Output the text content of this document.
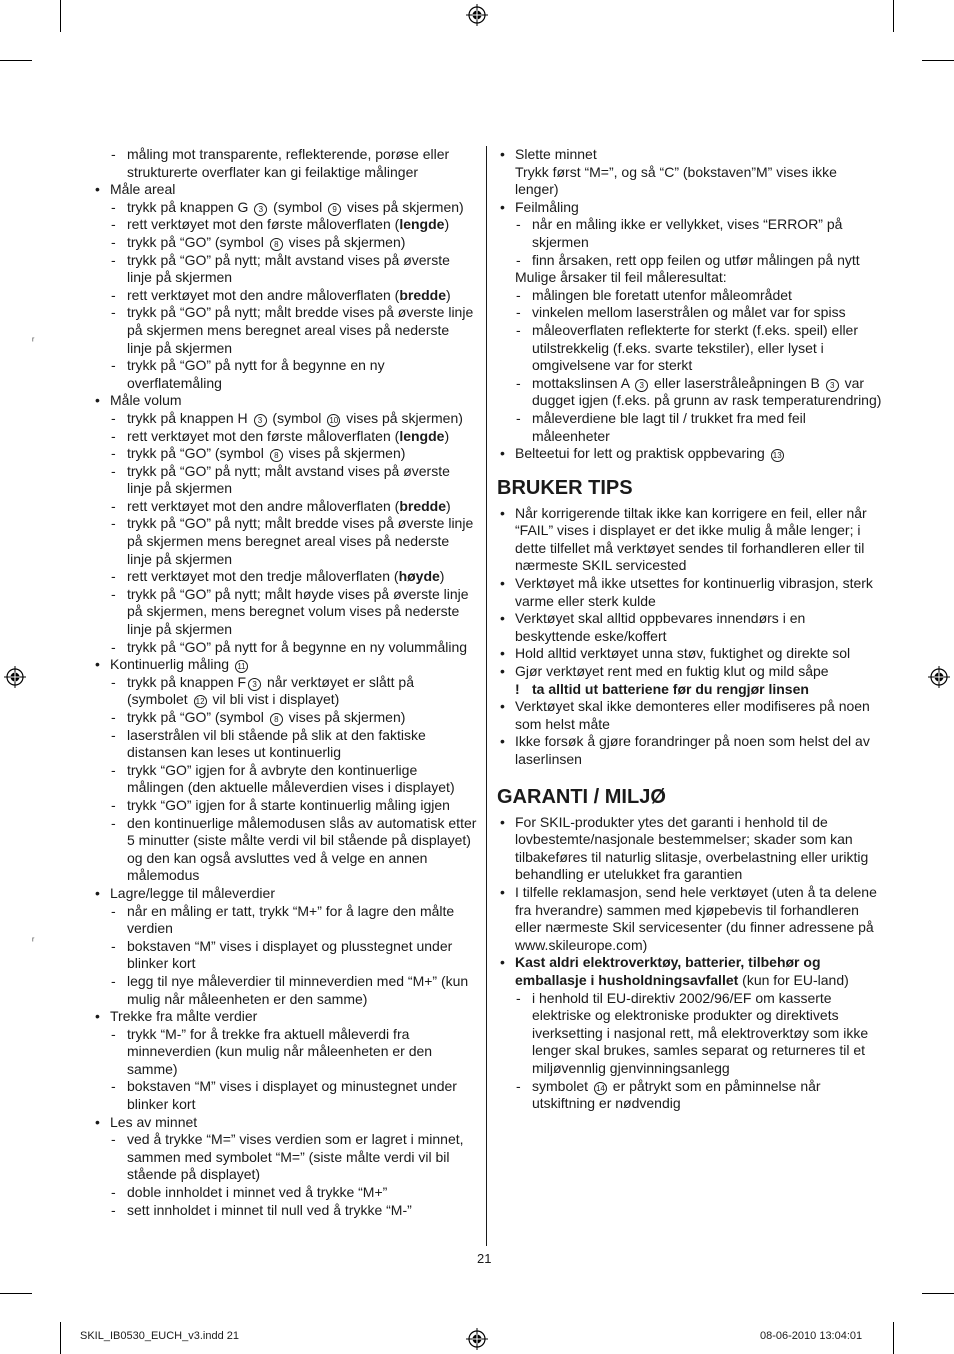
ʳ
ʳ
- måling mot transparente, reflekterende, porøse eller strukturerte overflater kan gi feilaktige målinger
• Måle areal
- trykk på knappen G 3 (symbol 9 vises på skjermen)
- rett verktøyet mot den første måloverflaten (lengde)
- trykk på “GO” (symbol 8 vises på skjermen)
- trykk på “GO” på nytt; målt avstand vises på øverste linje på skjermen
- rett verktøyet mot den andre måloverflaten (bredde)
- trykk på “GO” på nytt; målt bredde vises på øverste linje på skjermen mens beregnet areal vises på nederste linje på skjermen
- trykk på “GO” på nytt for å begynne en ny overflatemåling
• Måle volum
- trykk på knappen H 3 (symbol 10 vises på skjermen)
- rett verktøyet mot den første måloverflaten (lengde)
- trykk på “GO” (symbol 8 vises på skjermen)
- trykk på “GO” på nytt; målt avstand vises på øverste linje på skjermen
- rett verktøyet mot den andre måloverflaten (bredde)
- trykk på “GO” på nytt; målt bredde vises på øverste linje på skjermen mens beregnet areal vises på nederste linje på skjermen
- rett verktøyet mot den tredje måloverflaten (høyde)
- trykk på “GO” på nytt; målt høyde vises på øverste linje på skjermen, mens beregnet volum vises på nederste linje på skjermen
- trykk på “GO” på nytt for å begynne en ny volummåling
• Kontinuerlig måling 11
- trykk på knappen F 3 når verktøyet er slått på (symbolet 12 vil bli vist i displayet)
- trykk på “GO” (symbol 8 vises på skjermen)
- laserstrålen vil bli stående på slik at den faktiske distansen kan leses ut kontinuerlig
- trykk “GO” igjen for å avbryte den kontinuerlige målingen (den aktuelle måleverdien vises i displayet)
- trykk “GO” igjen for å starte kontinuerlig måling igjen
- den kontinuerlige målemodusen slås av automatisk etter 5 minutter (siste målte verdi vil bil stående på displayet) og den kan også avsluttes ved å velge en annen målemodus
• Lagre/legge til måleverdier
- når en måling er tatt, trykk “M+” for å lagre den målte verdien
- bokstaven “M” vises i displayet og plusstegnet under blinker kort
- legg til nye måleverdier til minneverdien med “M+” (kun mulig når måleenheten er den samme)
• Trekke fra målte verdier
- trykk “M-” for å trekke fra aktuell måleverdi fra minneverdien (kun mulig når måleenheten er den samme)
- bokstaven “M” vises i displayet og minustegnet under blinker kort
• Les av minnet
- ved å trykke “M=” vises verdien som er lagret i minnet, sammen med symbolet “M=” (siste målte verdi vil bil stående på displayet)
- doble innholdet i minnet ved å trykke “M+”
- sett innholdet i minnet til null ved å trykke “M-”
• Slette minnet
Trykk først “M=”, og så “C” (bokstaven”M” vises ikke lenger)
• Feilmåling
- når en måling ikke er vellykket, vises “ERROR” på skjermen
- finn årsaken, rett opp feilen og utfør målingen på nytt
Mulige årsaker til feil måleresultat:
- målingen ble foretatt utenfor måleområdet
- vinkelen mellom laserstrålen og målet var for spiss
- måleoverflaten reflekterte for sterkt (f.eks. speil) eller utilstrekkelig (f.eks. svarte tekstiler), eller lyset i omgivelsene var for sterkt
- mottakslinsen A 3 eller laserstråleåpningen B 3 var dugget igjen (f.eks. på grunn av rask temperaturendring)
- måleverdiene ble lagt til / trukket fra med feil måleenheter
• Belteetui for lett og praktisk oppbevaring 13
BRUKER TIPS
• Når korrigerende tiltak ikke kan korrigere en feil, eller når “FAIL” vises i displayet er det ikke mulig å måle lenger; i dette tilfellet må verktøyet sendes til forhandleren eller til nærmeste SKIL servicested
• Verktøyet må ikke utsettes for kontinuerlig vibrasjon, sterk varme eller sterk kulde
• Verktøyet skal alltid oppbevares innendørs i en beskyttende eske/koffert
• Hold alltid verktøyet unna støv, fuktighet og direkte sol
• Gjør verktøyet rent med en fuktig klut og mild såpe
! ta alltid ut batteriene før du rengjør linsen
• Verktøyet skal ikke demonteres eller modifiseres på noen som helst måte
• Ikke forsøk å gjøre forandringer på noen som helst del av laserlinsen
GARANTI / MILJØ
• For SKIL-produkter ytes det garanti i henhold til de lovbestemte/nasjonale bestemmelser; skader som kan tilbakeføres til naturlig slitasje, overbelastning eller uriktig behandling er utelukket fra garantien
• I tilfelle reklamasjon, send hele verktøyet (uten å ta delene fra hverandre) sammen med kjøpebevis til forhandleren eller nærmeste Skil servicesenter (du finner adressene på www.skileurope.com)
• Kast aldri elektroverktøy, batterier, tilbehør og emballasje i husholdningsavfallet (kun for EU-land)
- i henhold til EU-direktiv 2002/96/EF om kasserte elektriske og elektroniske produkter og direktivets iverksetting i nasjonal rett, må elektroverktøy som ikke lenger skal brukes, samles separat og returneres til et miljøvennlig gjenvinningsanlegg
- symbolet 14 er påtrykt som en påminnelse når utskiftning er nødvendig
21
SKIL_IB0530_EUCH_v3.indd 21	08-06-2010 13:04:01
